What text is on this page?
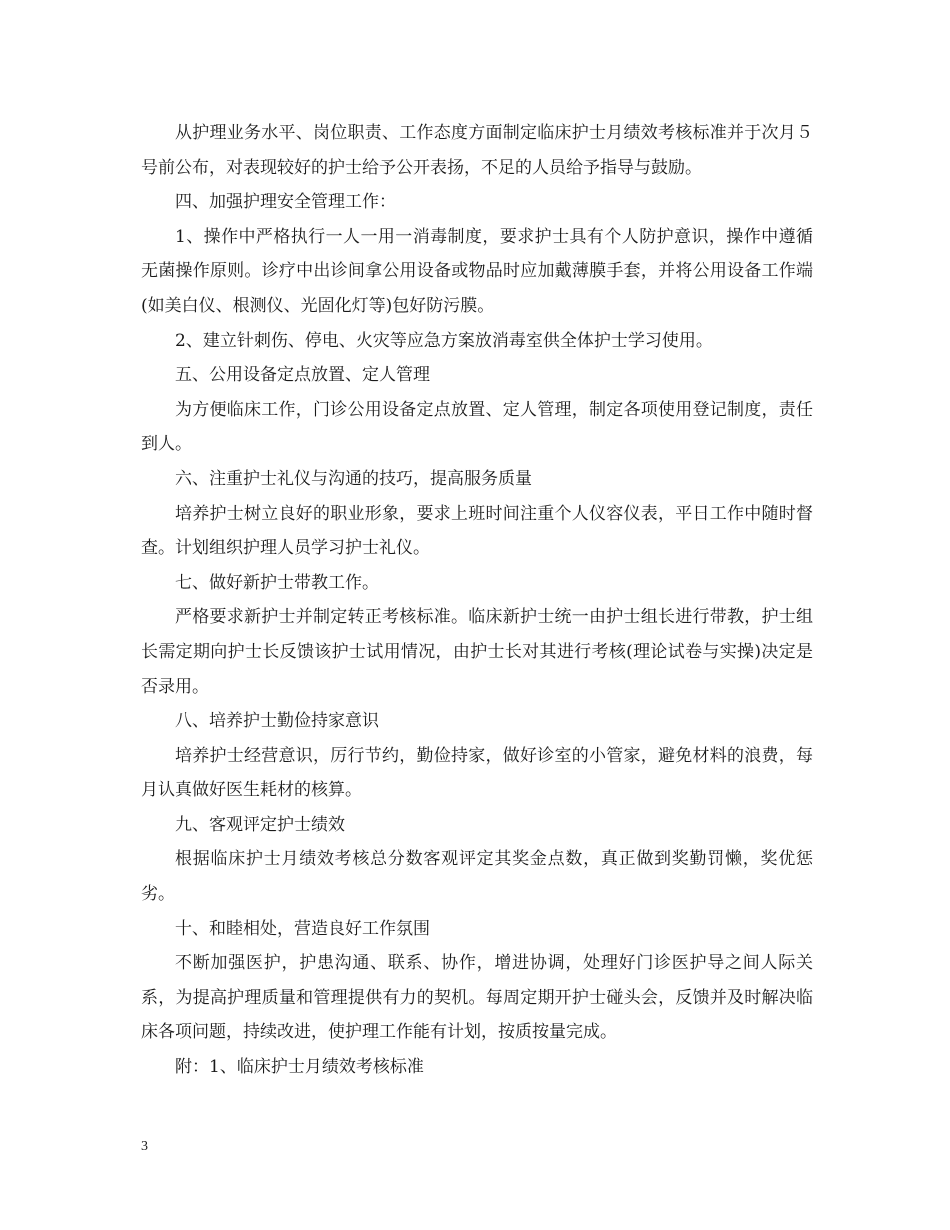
从护理业务水平、岗位职责、工作态度方面制定临床护士月绩效考核标准并于次月５号前公布，对表现较好的护士给予公开表扬，不足的人员给予指导与鼓励。

四、加强护理安全管理工作：

1、操作中严格执行一人一用一消毒制度，要求护士具有个人防护意识，操作中遵循无菌操作原则。诊疗中出诊间拿公用设备或物品时应加戴薄膜手套，并将公用设备工作端(如美白仪、根测仪、光固化灯等)包好防污膜。

2、建立针刺伤、停电、火灾等应急方案放消毒室供全体护士学习使用。

五、公用设备定点放置、定人管理

为方便临床工作，门诊公用设备定点放置、定人管理，制定各项使用登记制度，责任到人。

六、注重护士礼仪与沟通的技巧，提高服务质量

培养护士树立良好的职业形象，要求上班时间注重个人仪容仪表，平日工作中随时督查。计划组织护理人员学习护士礼仪。

七、做好新护士带教工作。

严格要求新护士并制定转正考核标准。临床新护士统一由护士组长进行带教，护士组长需定期向护士长反馈该护士试用情况，由护士长对其进行考核(理论试卷与实操)决定是否录用。

八、培养护士勤俭持家意识

培养护士经营意识，厉行节约，勤俭持家，做好诊室的小管家，避免材料的浪费，每月认真做好医生耗材的核算。

九、客观评定护士绩效

根据临床护士月绩效考核总分数客观评定其奖金点数，真正做到奖勤罚懒，奖优惩劣。

十、和睦相处，营造良好工作氛围

不断加强医护，护患沟通、联系、协作，增进协调，处理好门诊医护导之间人际关系，为提高护理质量和管理提供有力的契机。每周定期开护士碰头会，反馈并及时解决临床各项问题，持续改进，使护理工作能有计划，按质按量完成。

附：1、临床护士月绩效考核标准

3
